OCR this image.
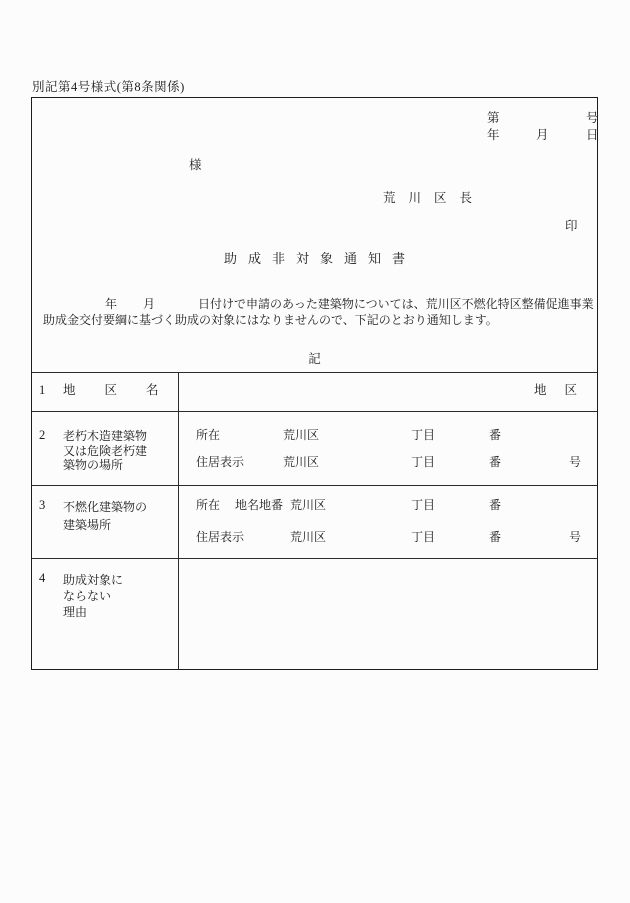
別記第4号様式(第8条関係)
第	号
年	月	日
様
荒川区長
印
助成非対象通知書
年 月	日付けで申請のあった建築物については、荒川区不燃化特区整備促進事業
助成金交付要綱に基づく助成の対象にはなりませんので、下記のとおり通知します。
記
1 地区名	地区
2 老朽木造建築物
又は危険老朽建
築物の場所
所在	荒川区	丁目	番
住居表示	荒川区	丁目	番	号
3 不燃化建築物の
建築場所
所在 地名地番 荒川区	丁目	番
住居表示	荒川区	丁目	番	号
4 助成対象に
ならない
理由
